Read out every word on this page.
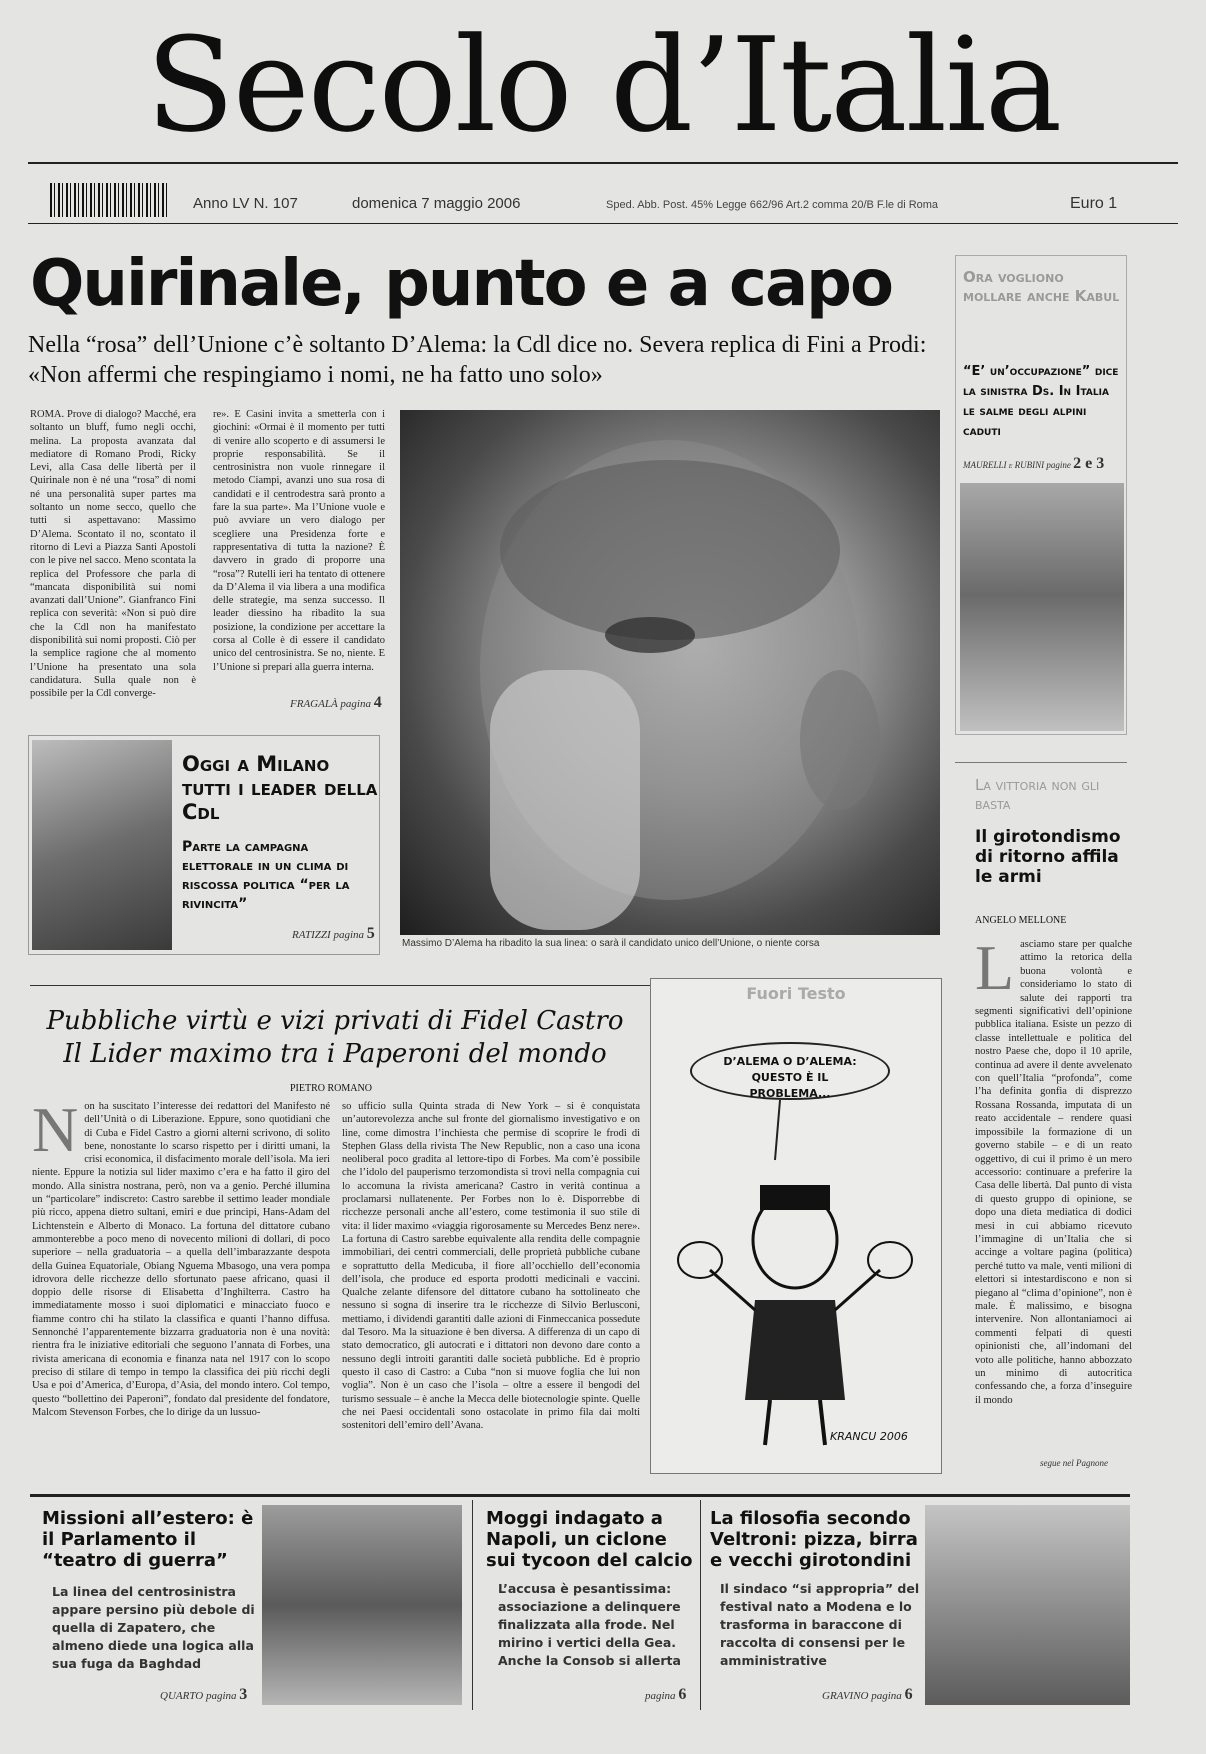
Secolo d’Italia
Anno LV N. 107	domenica 7 maggio 2006	Sped. Abb. Post. 45% Legge 662/96 Art.2 comma 20/B F.le di Roma	Euro 1
Quirinale, punto e a capo
Nella “rosa” dell’Unione c’è soltanto D’Alema: la Cdl dice no. Severa replica di Fini a Prodi: «Non affermi che respingiamo i nomi, ne ha fatto uno solo»
ROMA. Prove di dialogo? Macché, era soltanto un bluff, fumo negli occhi, melina. La proposta avanzata dal mediatore di Romano Prodi, Ricky Levi, alla Casa delle libertà per il Quirinale non è né una “rosa” di nomi né una personalità super partes ma soltanto un nome secco, quello che tutti si aspettavano: Massimo D’Alema. Scontato il no, scontato il ritorno di Levi a Piazza Santi Apostoli con le pive nel sacco. Meno scontata la replica del Professore che parla di “mancata disponibilità sui nomi avanzati dall’Unione”. Gianfranco Fini replica con severità: «Non si può dire che la Cdl non ha manifestato disponibilità sui nomi proposti. Ciò per la semplice ragione che al momento l’Unione ha presentato una sola candidatura. Sulla quale non è possibile per la Cdl converge-
re». E Casini invita a smetterla con i giochini: «Ormai è il momento per tutti di venire allo scoperto e di assumersi le proprie responsabilità. Se il centrosinistra non vuole rinnegare il metodo Ciampi, avanzi uno sua rosa di candidati e il centrodestra sarà pronto a fare la sua parte». Ma l’Unione vuole e può avviare un vero dialogo per scegliere una Presidenza forte e rappresentativa di tutta la nazione? È davvero in grado di proporre una “rosa”? Rutelli ieri ha tentato di ottenere da D’Alema il via libera a una modifica delle strategie, ma senza successo. Il leader diessino ha ribadito la sua posizione, la condizione per accettare la corsa al Colle è di essere il candidato unico del centrosinistra. Se no, niente. E l’Unione si prepari alla guerra interna.
FRAGALÀ pagina 4
Massimo D’Alema ha ribadito la sua linea: o sarà il candidato unico dell’Unione, o niente corsa
Oggi a Milano tutti i leader della Cdl
Parte la campagna elettorale in un clima di riscossa politica “per la rivincita”
RATIZZI pagina 5
Ora vogliono mollare anche Kabul
“E’ un’occupazione” dice la sinistra Ds. In Italia le salme degli alpini caduti
MAURELLI e RUBINI pagine 2 e 3
La vittoria non gli basta
Il girotondismo di ritorno affila le armi
ANGELO MELLONE
Lasciamo stare per qualche attimo la retorica della buona volontà e consideriamo lo stato di salute dei rapporti tra segmenti significativi dell’opinione pubblica italiana. Esiste un pezzo di classe intellettuale e politica del nostro Paese che, dopo il 10 aprile, continua ad avere il dente avvelenato con quell’Italia “profonda”, come l’ha definita gonfia di disprezzo Rossana Rossanda, imputata di un reato accidentale – rendere quasi impossibile la formazione di un governo stabile – e di un reato oggettivo, di cui il primo è un mero accessorio: continuare a preferire la Casa delle libertà. Dal punto di vista di questo gruppo di opinione, se dopo una dieta mediatica di dodici mesi in cui abbiamo ricevuto l’immagine di un’Italia che si accinge a voltare pagina (politica) perché tutto va male, venti milioni di elettori si intestardiscono e non si piegano al “clima d’opinione”, non è male. È malissimo, e bisogna intervenire. Non allontaniamoci ai commenti felpati di questi opinionisti che, all’indomani del voto alle politiche, hanno abbozzato un minimo di autocritica confessando che, a forza d’inseguire il mondo
segue nel Pagnone
Pubbliche virtù e vizi privati di Fidel Castro
Il Lider maximo tra i Paperoni del mondo
PIETRO ROMANO
Non ha suscitato l’interesse dei redattori del Manifesto né dell’Unità o di Liberazione. Eppure, sono quotidiani che di Cuba e Fidel Castro a giorni alterni scrivono, di solito bene, nonostante lo scarso rispetto per i diritti umani, la crisi economica, il disfacimento morale dell’isola. Ma ieri niente. Eppure la notizia sul lider maximo c’era e ha fatto il giro del mondo. Alla sinistra nostrana, però, non va a genio. Perché illumina un “particolare” indiscreto: Castro sarebbe il settimo leader mondiale più ricco, appena dietro sultani, emiri e due principi, Hans-Adam del Lichtenstein e Alberto di Monaco. La fortuna del dittatore cubano ammonterebbe a poco meno di novecento milioni di dollari, di poco superiore – nella graduatoria – a quella dell’imbarazzante despota della Guinea Equatoriale, Obiang Nguema Mbasogo, una vera pompa idrovora delle ricchezze dello sfortunato paese africano, quasi il doppio delle risorse di Elisabetta d’Inghilterra. Castro ha immediatamente mosso i suoi diplomatici e minacciato fuoco e fiamme contro chi ha stilato la classifica e quanti l’hanno diffusa. Sennonché l’apparentemente bizzarra graduatoria non è una novità: rientra fra le iniziative editoriali che seguono l’annata di Forbes, una rivista americana di economia e finanza nata nel 1917 con lo scopo preciso di stilare di tempo in tempo la classifica dei più ricchi degli Usa e poi d’America, d’Europa, d’Asia, del mondo intero. Col tempo, questo “bollettino dei Paperoni”, fondato dal presidente del fondatore, Malcom Stevenson Forbes, che lo dirige da un lussuo-
so ufficio sulla Quinta strada di New York – si è conquistata un’autorevolezza anche sul fronte del giornalismo investigativo e on line, come dimostra l’inchiesta che permise di scoprire le frodi di Stephen Glass della rivista The New Republic, non a caso una icona neoliberal poco gradita al lettore-tipo di Forbes. Ma com’è possibile che l’idolo del pauperismo terzomondista si trovi nella compagnia cui lo accomuna la rivista americana? Castro in verità continua a proclamarsi nullatenente. Per Forbes non lo è. Disporrebbe di ricchezze personali anche all’estero, come testimonia il suo stile di vita: il lider maximo «viaggia rigorosamente su Mercedes Benz nere». La fortuna di Castro sarebbe equivalente alla rendita delle compagnie immobiliari, dei centri commerciali, delle proprietà pubbliche cubane e soprattutto della Medicuba, il fiore all’occhiello dell’economia dell’isola, che produce ed esporta prodotti medicinali e vaccini. Qualche zelante difensore del dittatore cubano ha sottolineato che nessuno si sogna di inserire tra le ricchezze di Silvio Berlusconi, mettiamo, i dividendi garantiti dalle azioni di Finmeccanica possedute dal Tesoro. Ma la situazione è ben diversa. A differenza di un capo di stato democratico, gli autocrati e i dittatori non devono dare conto a nessuno degli introiti garantiti dalle società pubbliche. Ed è proprio questo il caso di Castro: a Cuba “non si muove foglia che lui non voglia”. Non è un caso che l’isola – oltre a essere il bengodi del turismo sessuale – è anche la Mecca delle biotecnologie spinte. Quelle che nei Paesi occidentali sono ostacolate in primo fila dai molti sostenitori dell’emiro dell’Avana.
Fuori Testo
D’ALEMA O D’ALEMA: QUESTO È IL PROBLEMA...
KRANCU 2006
Missioni all’estero: è il Parlamento il “teatro di guerra”
La linea del centrosinistra appare persino più debole di quella di Zapatero, che almeno diede una logica alla sua fuga da Baghdad
QUARTO pagina 3
Moggi indagato a Napoli, un ciclone sui tycoon del calcio
L’accusa è pesantissima: associazione a delinquere finalizzata alla frode. Nel mirino i vertici della Gea. Anche la Consob si allerta
pagina 6
La filosofia secondo Veltroni: pizza, birra e vecchi girotondini
Il sindaco “si appropria” del festival nato a Modena e lo trasforma in baraccone di raccolta di consensi per le amministrative
GRAVINO pagina 6
